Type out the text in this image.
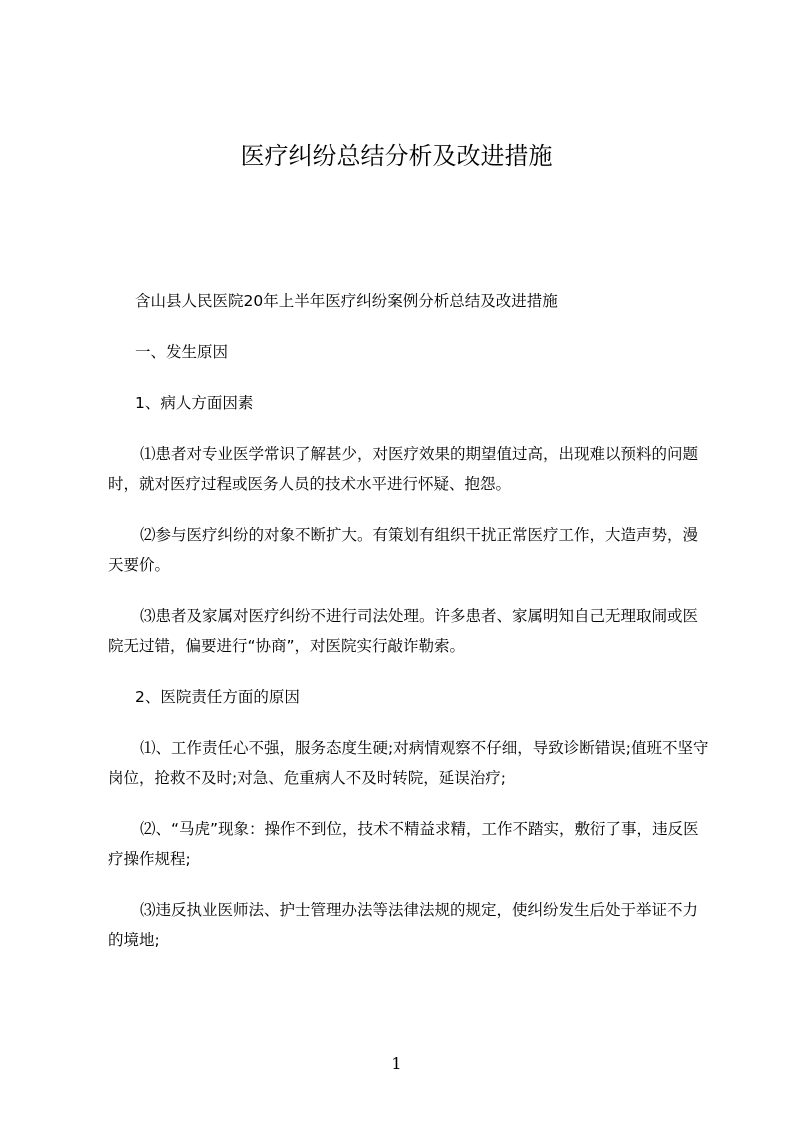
医疗纠纷总结分析及改进措施

含山县人民医院20年上半年医疗纠纷案例分析总结及改进措施

一、发生原因

1、病人方面因素

⑴患者对专业医学常识了解甚少，对医疗效果的期望值过高，出现难以预料的问题时，就对医疗过程或医务人员的技术水平进行怀疑、抱怨。

⑵参与医疗纠纷的对象不断扩大。有策划有组织干扰正常医疗工作，大造声势，漫天要价。

⑶患者及家属对医疗纠纷不进行司法处理。许多患者、家属明知自己无理取闹或医院无过错，偏要进行“协商”，对医院实行敲诈勒索。

2、医院责任方面的原因

⑴、工作责任心不强，服务态度生硬;对病情观察不仔细，导致诊断错误;值班不坚守岗位，抢救不及时;对急、危重病人不及时转院，延误治疗;

⑵、“马虎”现象：操作不到位，技术不精益求精，工作不踏实，敷衍了事，违反医疗操作规程;

⑶违反执业医师法、护士管理办法等法律法规的规定，使纠纷发生后处于举证不力的境地;

1
